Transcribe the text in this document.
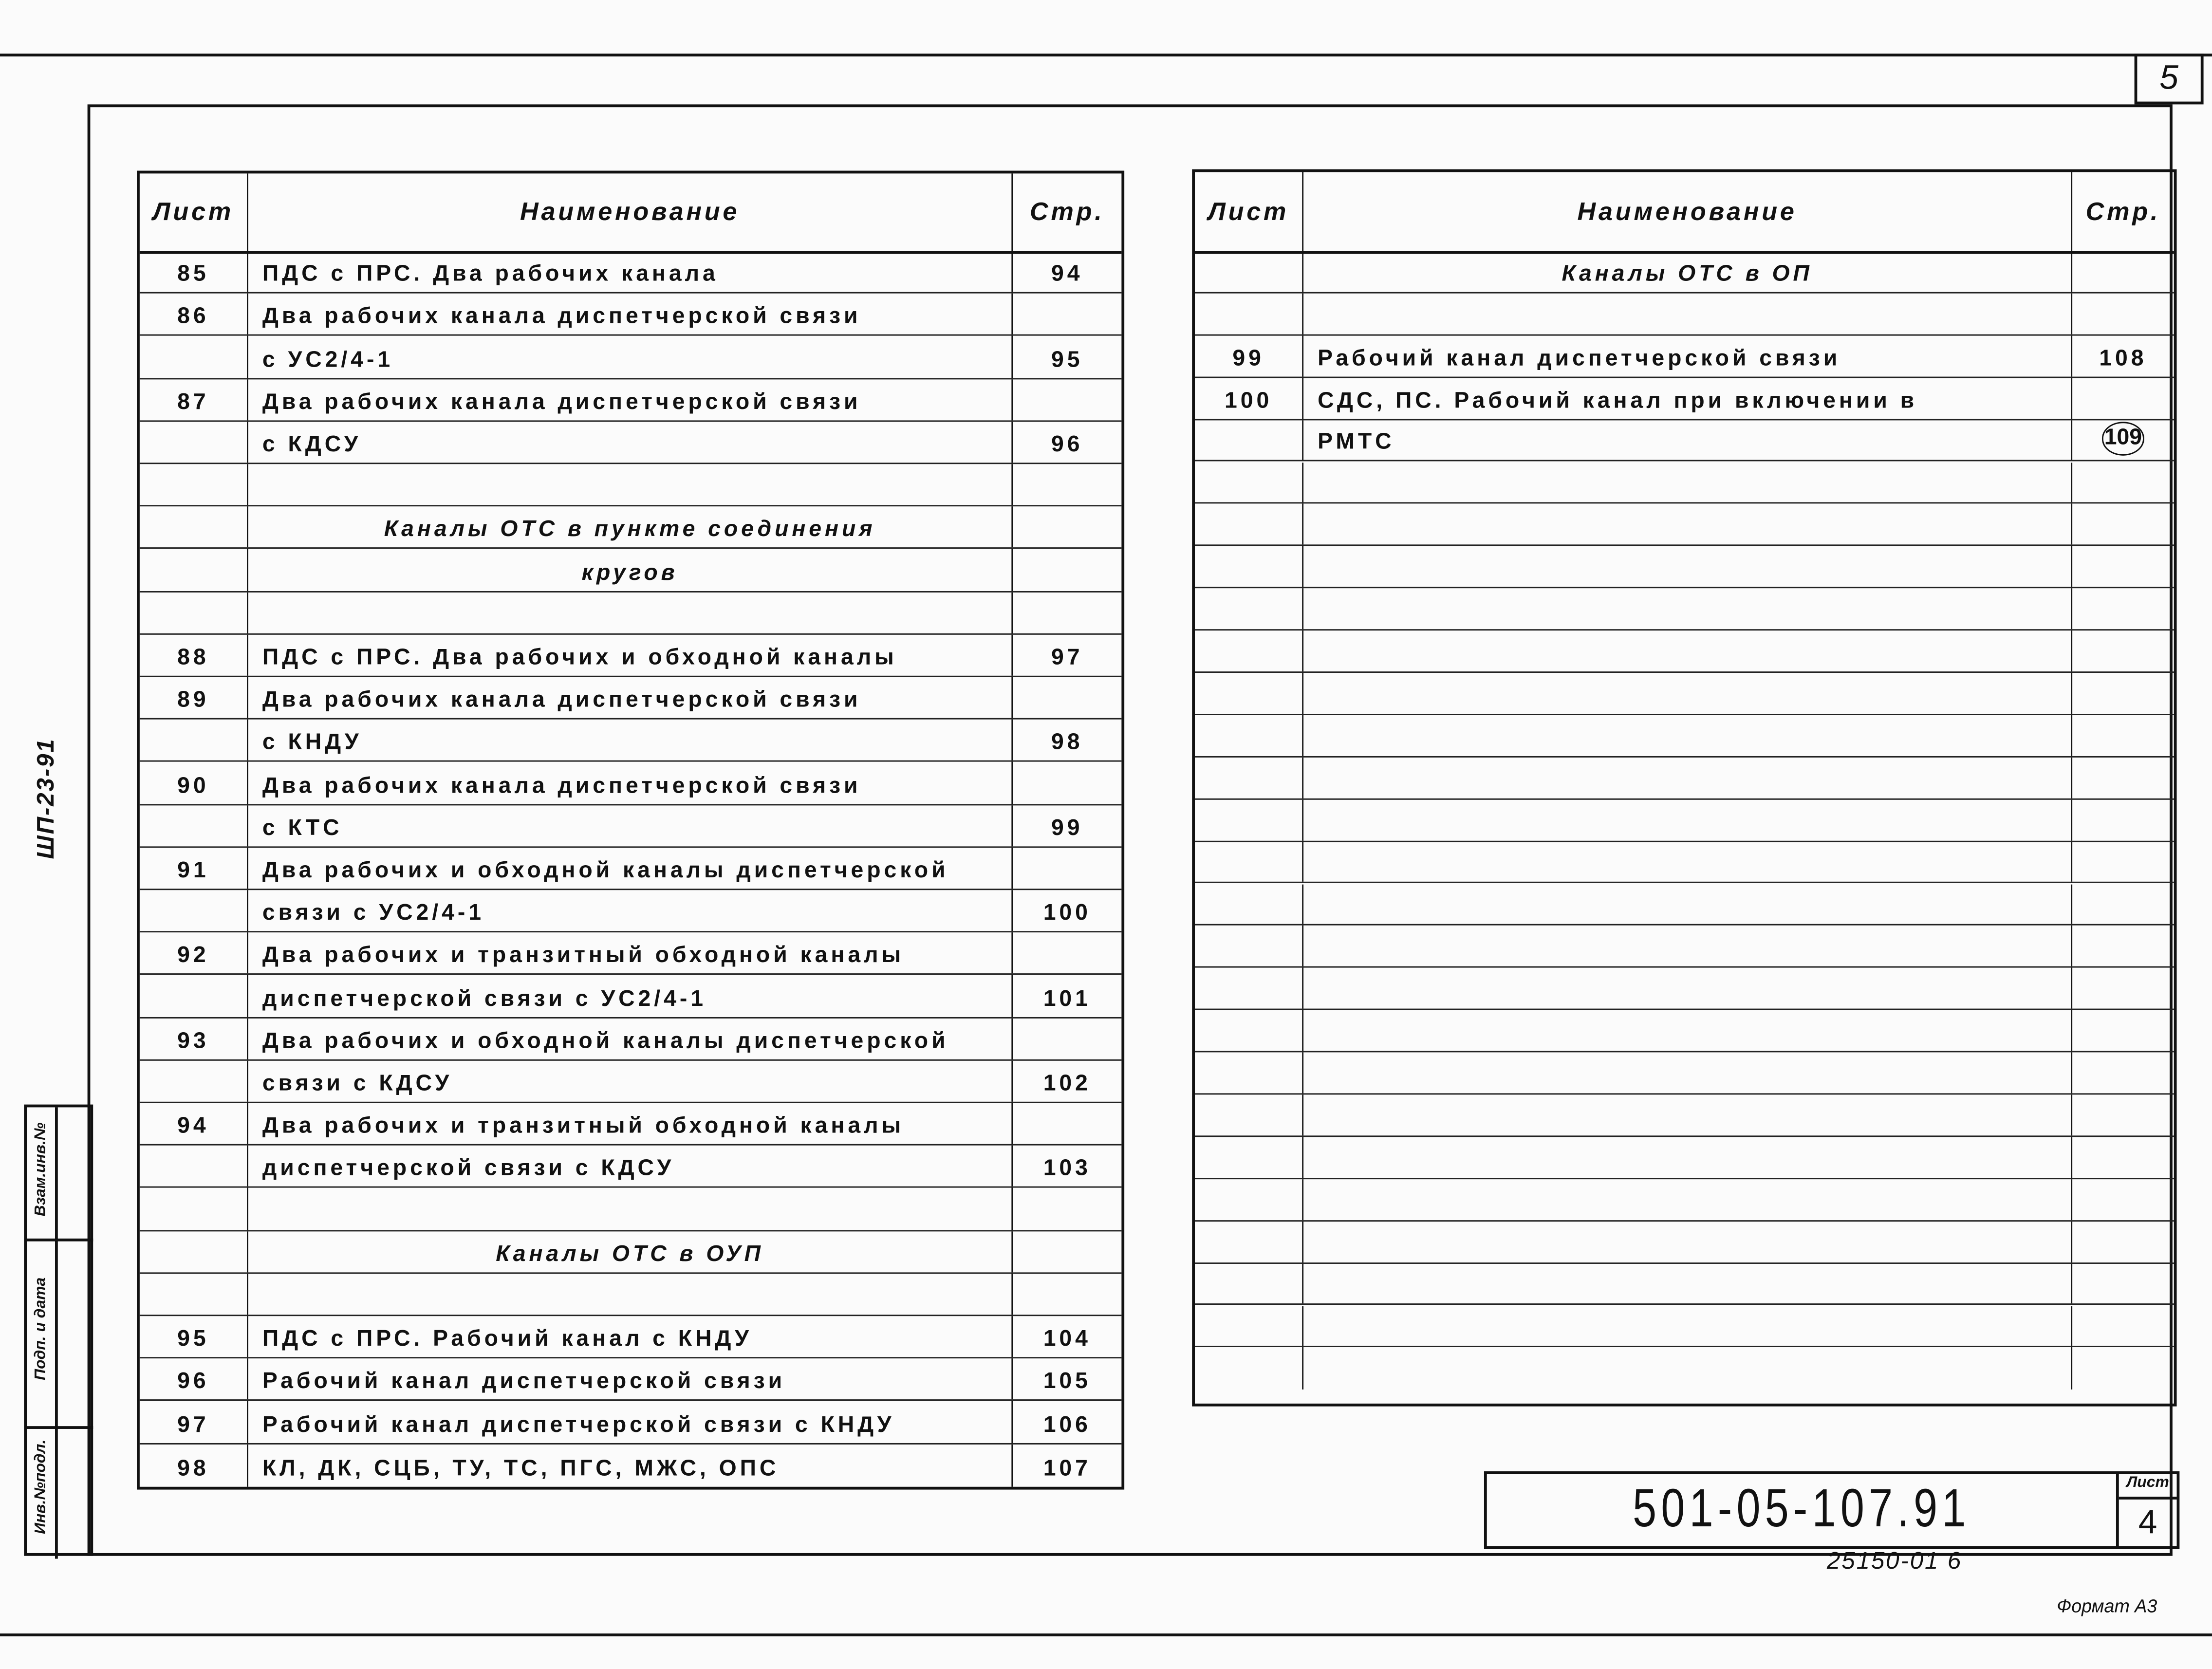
5
ШП-23-91
Взам.инв.№
Подп. и дата
Инв.№подл.
Лист	Наименование	Стр.
85	ПДС с ПРС. Два рабочих канала	94
86	Два рабочих канала диспетчерской связи
с УС2/4-1	95
87	Два рабочих канала диспетчерской связи
с КДСУ	96
Каналы ОТС в пункте соединения
кругов
88	ПДС с ПРС. Два рабочих и обходной каналы	97
89	Два рабочих канала диспетчерской связи
с КНДУ	98
90	Два рабочих канала диспетчерской связи
с КТС	99
91	Два рабочих и обходной каналы диспетчерской
связи с УС2/4-1	100
92	Два рабочих и транзитный обходной каналы
диспетчерской связи с УС2/4-1	101
93	Два рабочих и обходной каналы диспетчерской
связи с КДСУ	102
94	Два рабочих и транзитный обходной каналы
диспетчерской связи с КДСУ	103
Каналы ОТС в ОУП
95	ПДС с ПРС. Рабочий канал с КНДУ	104
96	Рабочий канал диспетчерской связи	105
97	Рабочий канал диспетчерской связи с КНДУ	106
98	КЛ, ДК, СЦБ, ТУ, ТС, ПГС, МЖС, ОПС	107
Лист	Наименование	Стр.
Каналы ОТС в ОП
99	Рабочий канал диспетчерской связи	108
100	СДС, ПС. Рабочий канал при включении в
РМТС	109
501-05-107.91	Лист
4
25150-01 6
Формат А3
